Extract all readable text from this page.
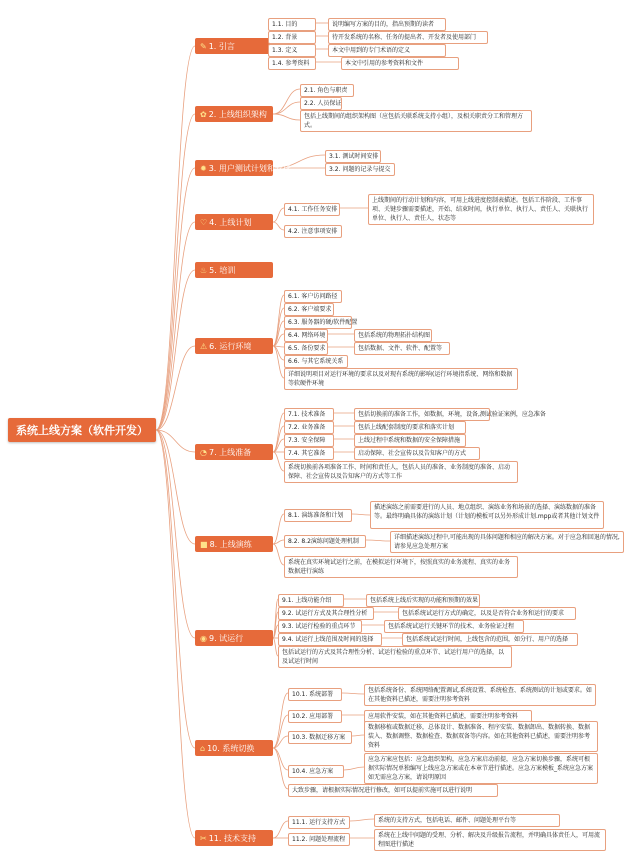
系统上线方案（软件开发）
✎ 1. 引言
1.1. 目的	说明编写方案的目的，指出预期的读者
1.2. 背景	待开发系统的名称、任务的提出者、开发者及使用部门
1.3. 定义	本文中用到的专门术语的定义
1.4. 参考资料	本文中引用的参考资料和文件
✿ 2. 上线组织架构
2.1. 角色与职责
2.2. 人员保证
包括上线期间的组织架构图（应包括关联系统支持小组），及相关职责分工和管理方式。
✹ 3. 用户测试计划和安排
3.1. 测试时间安排
3.2. 问题的记录与提交
♡ 4. 上线计划
4.1. 工作任务安排
上线期间的行动计划和内容，可用上线进度控制表描述。包括工作阶段、工作事项、关键步骤需要描述，开始、结束时间，执行单位、执行人、责任人、关联执行单位、执行人、责任人，状态等
4.2. 注意事项安排
♨ 5. 培训
⚠ 6. 运行环境
6.1. 客户访问路径
6.2. 客户端要求
6.3. 服务器的硬/软件配置
6.4. 网络环境	包括系统的物理拓扑结构图
6.5. 备份要求	包括数据、文件、软件、配置等
6.6. 与其它系统关系
详细说明项目对运行环境的要求以及对现有系统的影响(运行环境指系统、网络和数据等软硬件环境
◔ 7. 上线准备
7.1. 技术准备	包括切换前的准备工作，如数据，环境，设备,测试验证案例，应急准备
7.2. 业务准备	包括上线配套制度的要求和落实计划
7.3. 安全保障	上线过程中系统和数据的安全保障措施
7.4. 其它准备	启动保障、社会宣传以及告知客户的方式
系统切换前各项准备工作、时间和责任人，包括人员的准备、业务制度的准备、启动保障、社会宣传以及告知客户的方式等工作
■ 8. 上线演练
8.1. 演练准备和计划
描述演练之前需要进行的人员、地点组织、演练业务和场景的选择、演练数据的准备等。最终明确具体的演练计划（计划的模板可以另外形成计划.mpp或者其他计划文件
8.2. 8.2演练问题处理机制
详细描述演练过程中,可能出现的具体问题和相应的解决方案。对于应急和回退的情况,请参见应急处理方案
系统在真实环境试运行之前，在模拟运行环境下，按照真实的业务流程、真实的业务数据进行演练
◉ 9. 试运行
9.1. 上线功能介绍	包括系统上线后实现的功能和预期的效果
9.2. 试运行方式及其合理性分析	包括系统试运行方式的确定，以及是否符合业务和运行的要求
9.3. 试运行检验的重点环节	包括系统试运行关键环节的技术、业务验证过程
9.4. 试运行上线范围及时间的选择	包括系统试运行时间，上线包含的范围，如分行、用户的选择
包括试运行的方式及其合理性分析、试运行检验的重点环节、试运行用户的选择，以及试运行时间
⌂ 10. 系统切换
10.1. 系统部署
包括系统备份、系统网络配置调试,系统设置、系统检查、系统测试的计划或要求。如在其他资料已描述，需要注明参考资料
10.2. 应用部署	应用软件安装，如在其他资料已描述，需要注明参考资料
10.3. 数据迁移方案
数据移植或数据迁移，总体设计、数据准备、程序安装、数据卸出、数据转换、数据装入、数据调整、数据检查、数据双备等内容。如在其他资料已描述，需要注明参考资料
10.4. 应急方案
应急方案应包括：应急组织架构，应急方案启动前提，应急方案切换步骤，系统可根据实际情况单独编写上线应急方案或在本章节进行描述。应急方案模板_系统应急方案 如无需应急方案，请说明原因
大致步骤，请根据实际情况进行修改，如可以提前实施可以进行说明
✂ 11. 技术支持
11.1. 运行支持方式	系统的支持方式，包括电话、邮件、问题处理平台等
11.2. 问题处理流程
系统在上线中问题的受理、分析、解决及升级报告流程，并明确具体责任人，可用流程图进行描述
